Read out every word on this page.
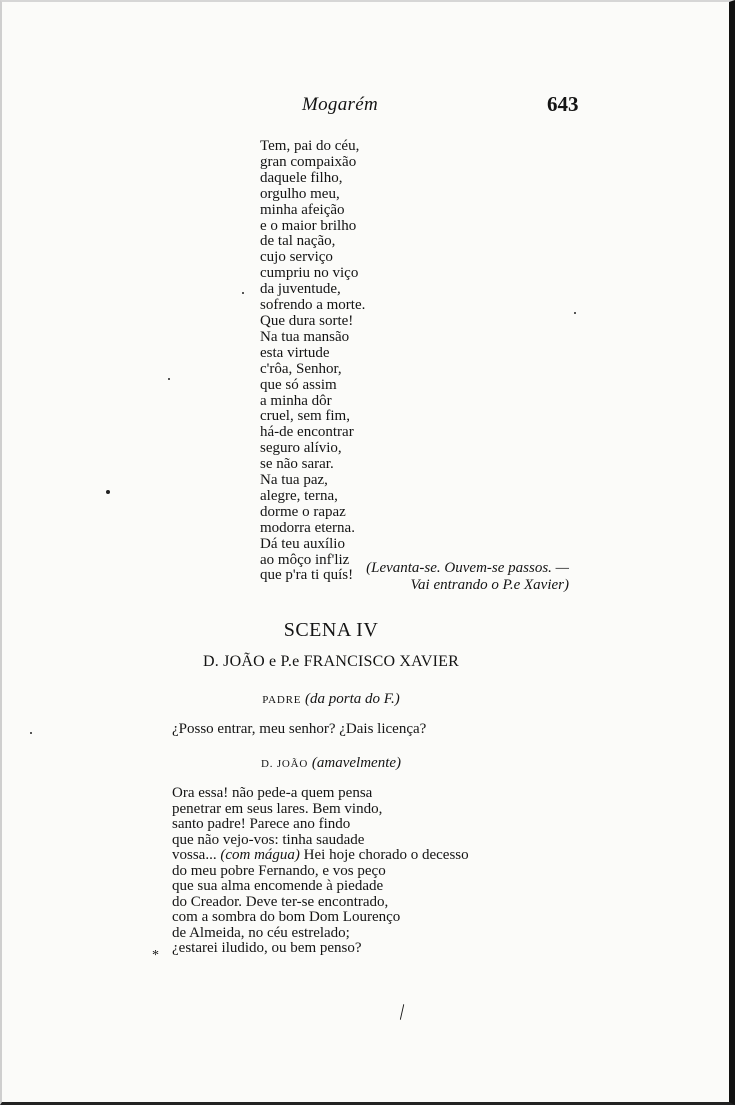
Mogarém	643
Tem, pai do céu,
gran compaixão
daquele filho,
orgulho meu,
minha afeição
e o maior brilho
de tal nação,
cujo serviço
cumpriu no viço
da juventude,
sofrendo a morte.
Que dura sorte!
Na tua mansão
esta virtude
c'rôa, Senhor,
que só assim
a minha dôr
cruel, sem fim,
há-de encontrar
seguro alívio,
se não sarar.
Na tua paz,
alegre, terna,
dorme o rapaz
modorra eterna.
Dá teu auxílio
ao môço inf'liz
que p'ra ti quís! (Levanta-se. Ouvem-se passos. —
Vai entrando o P.e Xavier)
SCENA IV
D. JOÃO e P.e FRANCISCO XAVIER
PADRE (da porta do F.)
¿Posso entrar, meu senhor? ¿Dais licença?
D. JOÃO (amavelmente)
Ora essa! não pede-a quem pensa
penetrar em seus lares. Bem vindo,
santo padre! Parece ano findo
que não vejo-vos: tinha saudade
vossa... (com mágua) Hei hoje chorado o decesso
do meu pobre Fernando, e vos peço
que sua alma encomende à piedade
do Creador. Deve ter-se encontrado,
com a sombra do bom Dom Lourenço
de Almeida, no céu estrelado;
¿estarei iludido, ou bem penso?
*
╲
